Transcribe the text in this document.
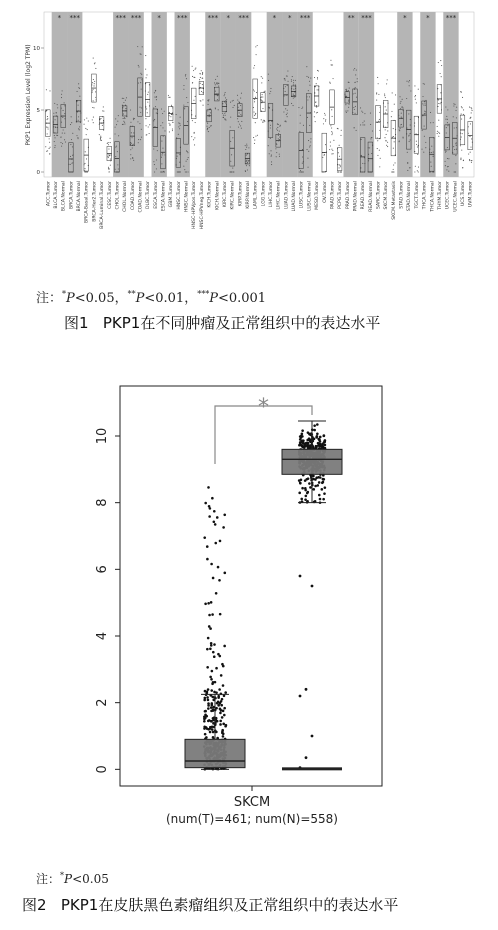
0
5
10
ACC.Tumor BLCA.Tumor BLCA.Normal BRCA.Tumor BRCA.Normal BRCA-Basal.Tumor BRCA-Her2.Tumor BRCA-Luminal.Tumor CESC.Tumor CHOL.Tumor CHOL.Normal COAD.Tumor COAD.Normal DLBC.Tumor ESCA.Tumor ESCA.Normal GBM.Tumor HNSC.Tumor HNSC.Normal HNSC-HPVpos.Tumor HNSC-HPVneg.Tumor KICH.Tumor KICH.Normal KIRC.Tumor KIRC.Normal KIRP.Tumor KIRP.Normal LAML.Tumor LGG.Tumor LIHC.Tumor LIHC.Normal LUAD.Tumor LUAD.Normal LUSC.Tumor LUSC.Normal MESO.Tumor OV.Tumor PAAD.Tumor PCPG.Tumor PRAD.Tumor PRAD.Normal READ.Tumor READ.Normal SARC.Tumor SKCM.Tumor SKCM.Metastasis STAD.Tumor STAD.Normal TGCT.Tumor THCA.Tumor THCA.Normal THYM.Tumor UCEC.Tumor UCEC.Normal UCS.Tumor UVM.Tumor
* ***	*** *** * ***	*** * ***	* * ***	** ***	*	* ***
PKP1 Expression Level (log2 TPM)
注：*P<0.05，**P<0.01，***P<0.001
图1 PKP1在不同肿瘤及正常组织中的表达水平
0
2
4
6
8
10
*
SKCM
(num(T)=461; num(N)=558)
注：*P<0.05
图2 PKP1在皮肤黑色素瘤组织及正常组织中的表达水平
